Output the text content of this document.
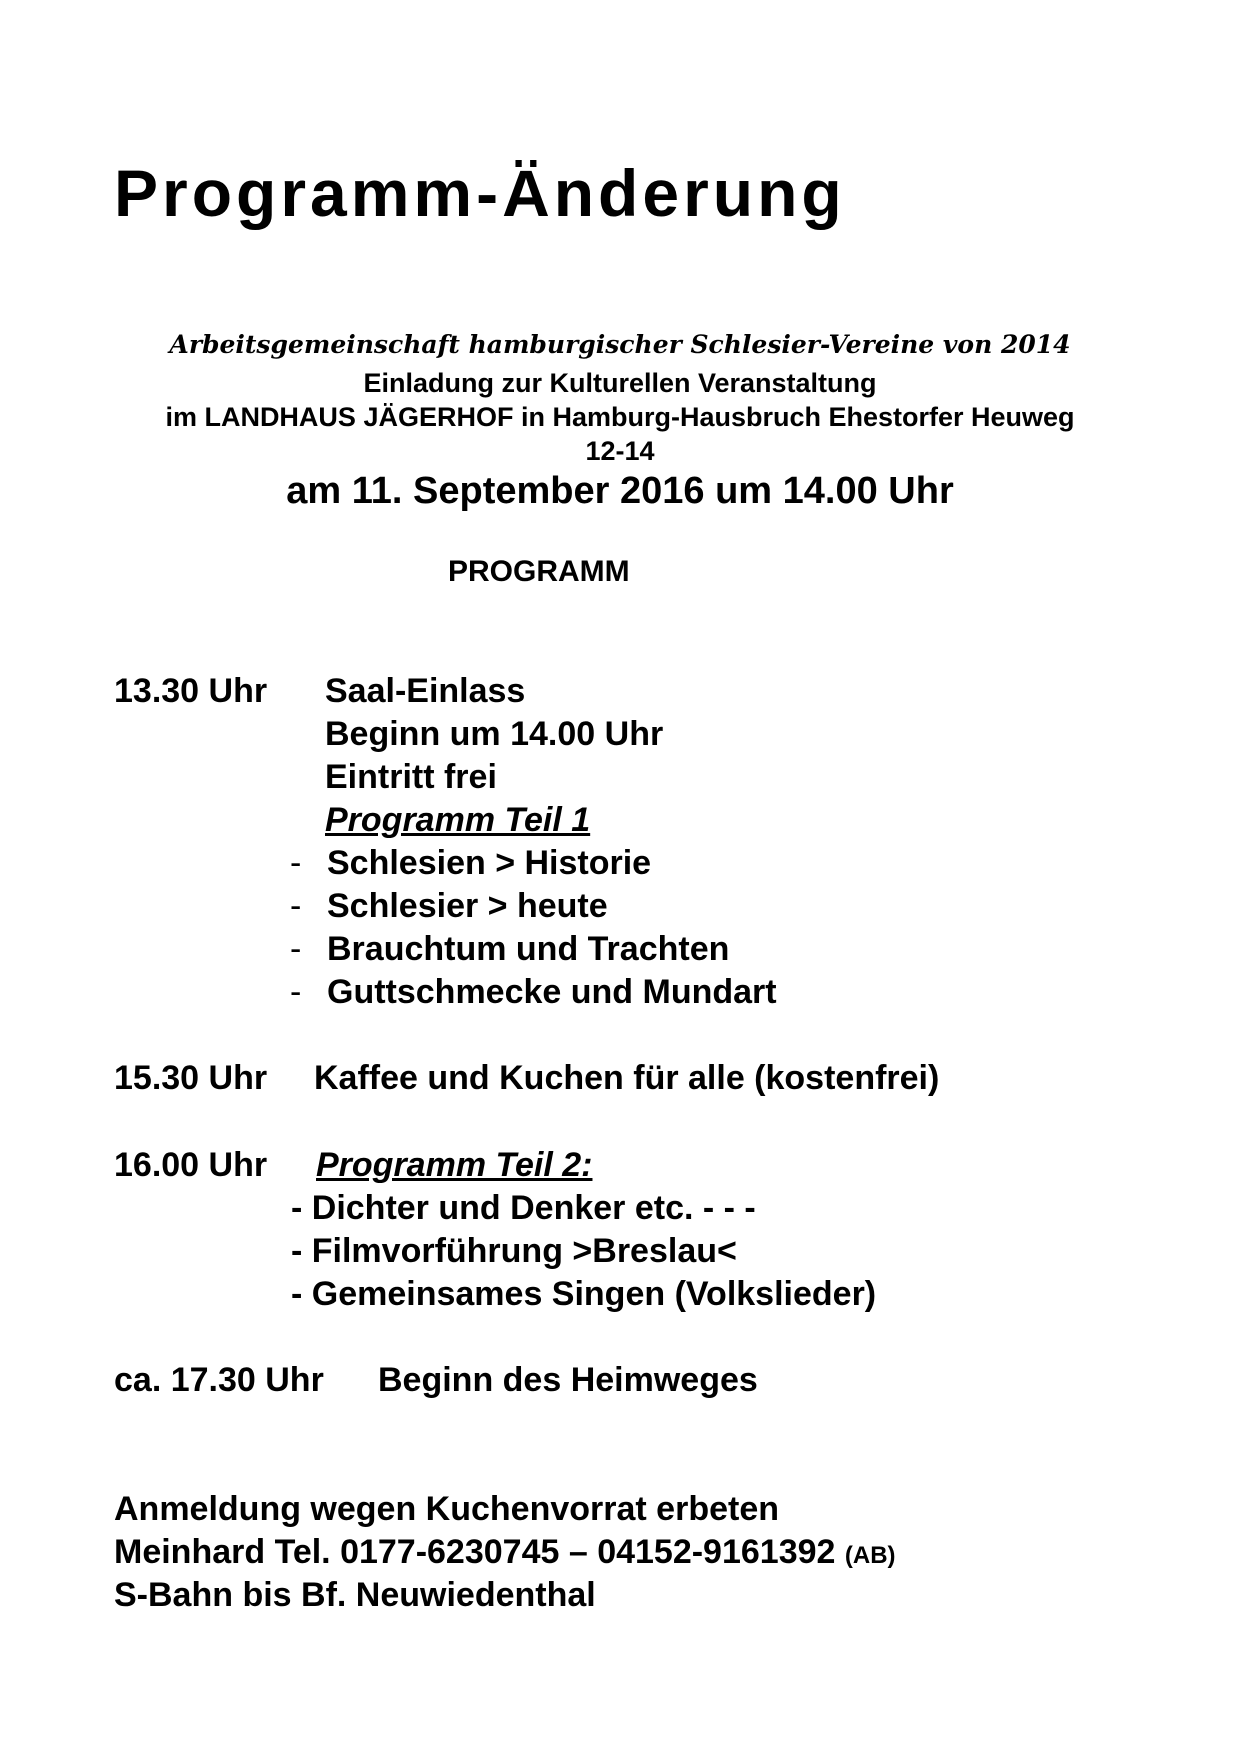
Programm-Änderung
Arbeitsgemeinschaft hamburgischer Schlesier-Vereine von 2014
Einladung zur Kulturellen Veranstaltung
im LANDHAUS JÄGERHOF in Hamburg-Hausbruch Ehestorfer Heuweg
12-14
am 11. September 2016 um 14.00 Uhr
PROGRAMM
13.30 Uhr Saal-Einlass
Beginn um 14.00 Uhr
Eintritt frei
Programm Teil 1
- Schlesien > Historie
- Schlesier > heute
- Brauchtum und Trachten
- Guttschmecke und Mundart
15.30 Uhr Kaffee und Kuchen für alle (kostenfrei)
16.00 Uhr Programm Teil 2:
- Dichter und Denker etc. - - -
- Filmvorführung >Breslau<
- Gemeinsames Singen (Volkslieder)
ca. 17.30 Uhr Beginn des Heimweges
Anmeldung wegen Kuchenvorrat erbeten
Meinhard Tel. 0177-6230745 – 04152-9161392 (AB)
S-Bahn bis Bf. Neuwiedenthal
